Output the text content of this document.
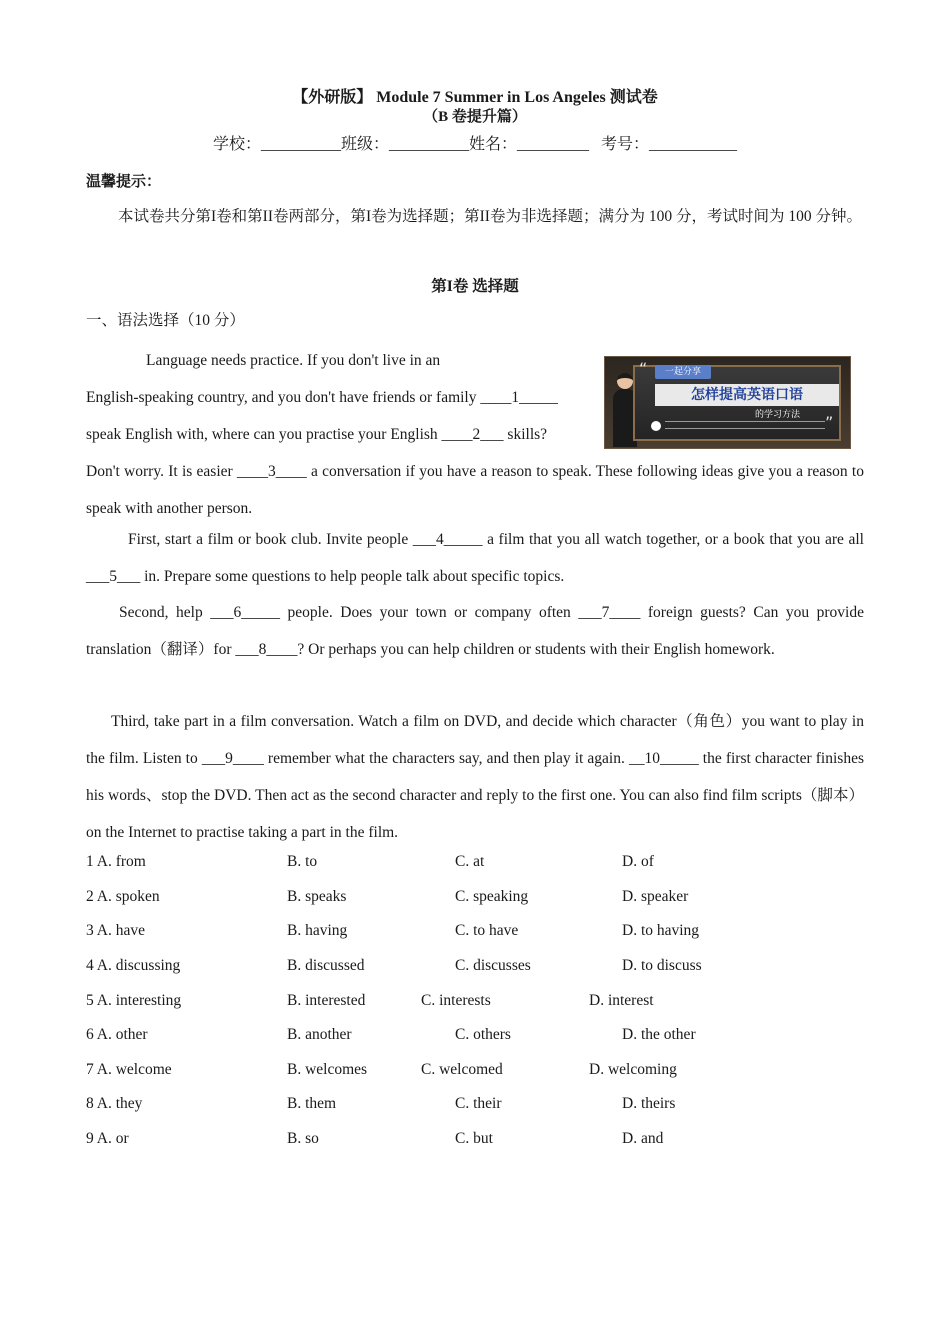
【外研版】 Module 7 Summer in Los Angeles 测试卷
（B 卷提升篇）
学校：__________班级：__________姓名：_________   考号：___________
温馨提示：
本试卷共分第I卷和第II卷两部分，第I卷为选择题；第II卷为非选择题；满分为 100 分，考试时间为 100 分钟。
第I卷 选择题
一、语法选择（10 分）
Language needs practice. If you don't live in an
English-speaking country, and you don't have friends or family ____1_____
speak English with, where can you practise your English ____2___ skills?
Don't worry. It is easier ____3____ a conversation if you have a reason to speak. These following ideas give you a reason to speak with another person.
“	一起分享
怎样提高英语口语
的学习方法 ”
First, start a film or book club. Invite people ___4_____ a film that you all watch together, or a book that you are all ___5___ in. Prepare some questions to help people talk about specific topics.
Second, help ___6_____ people. Does your town or company often ___7____ foreign guests? Can you provide translation（翻译）for ___8____? Or perhaps you can help children or students with their English homework.
Third, take part in a film conversation. Watch a film on DVD, and decide which character（角色）you want to play in the film. Listen to ___9____ remember what the characters say, and then play it again. __10_____ the first character finishes his words、stop the DVD. Then act as the second character and reply to the first one. You can also find film scripts（脚本）on the Internet to practise taking a part in the film.
1 A. from	B. to	C. at	D. of
2 A. spoken	B. speaks	C. speaking	D. speaker
3 A. have	B. having	C. to have	D. to having
4 A. discussing	B. discussed	C. discusses	D. to discuss
5 A. interesting	B. interested	C. interests	D. interest
6 A. other	B. another	C. others	D. the other
7 A. welcome	B. welcomes	C. welcomed	D. welcoming
8 A. they	B. them	C. their	D. theirs
9 A. or	B. so	C. but	D. and
